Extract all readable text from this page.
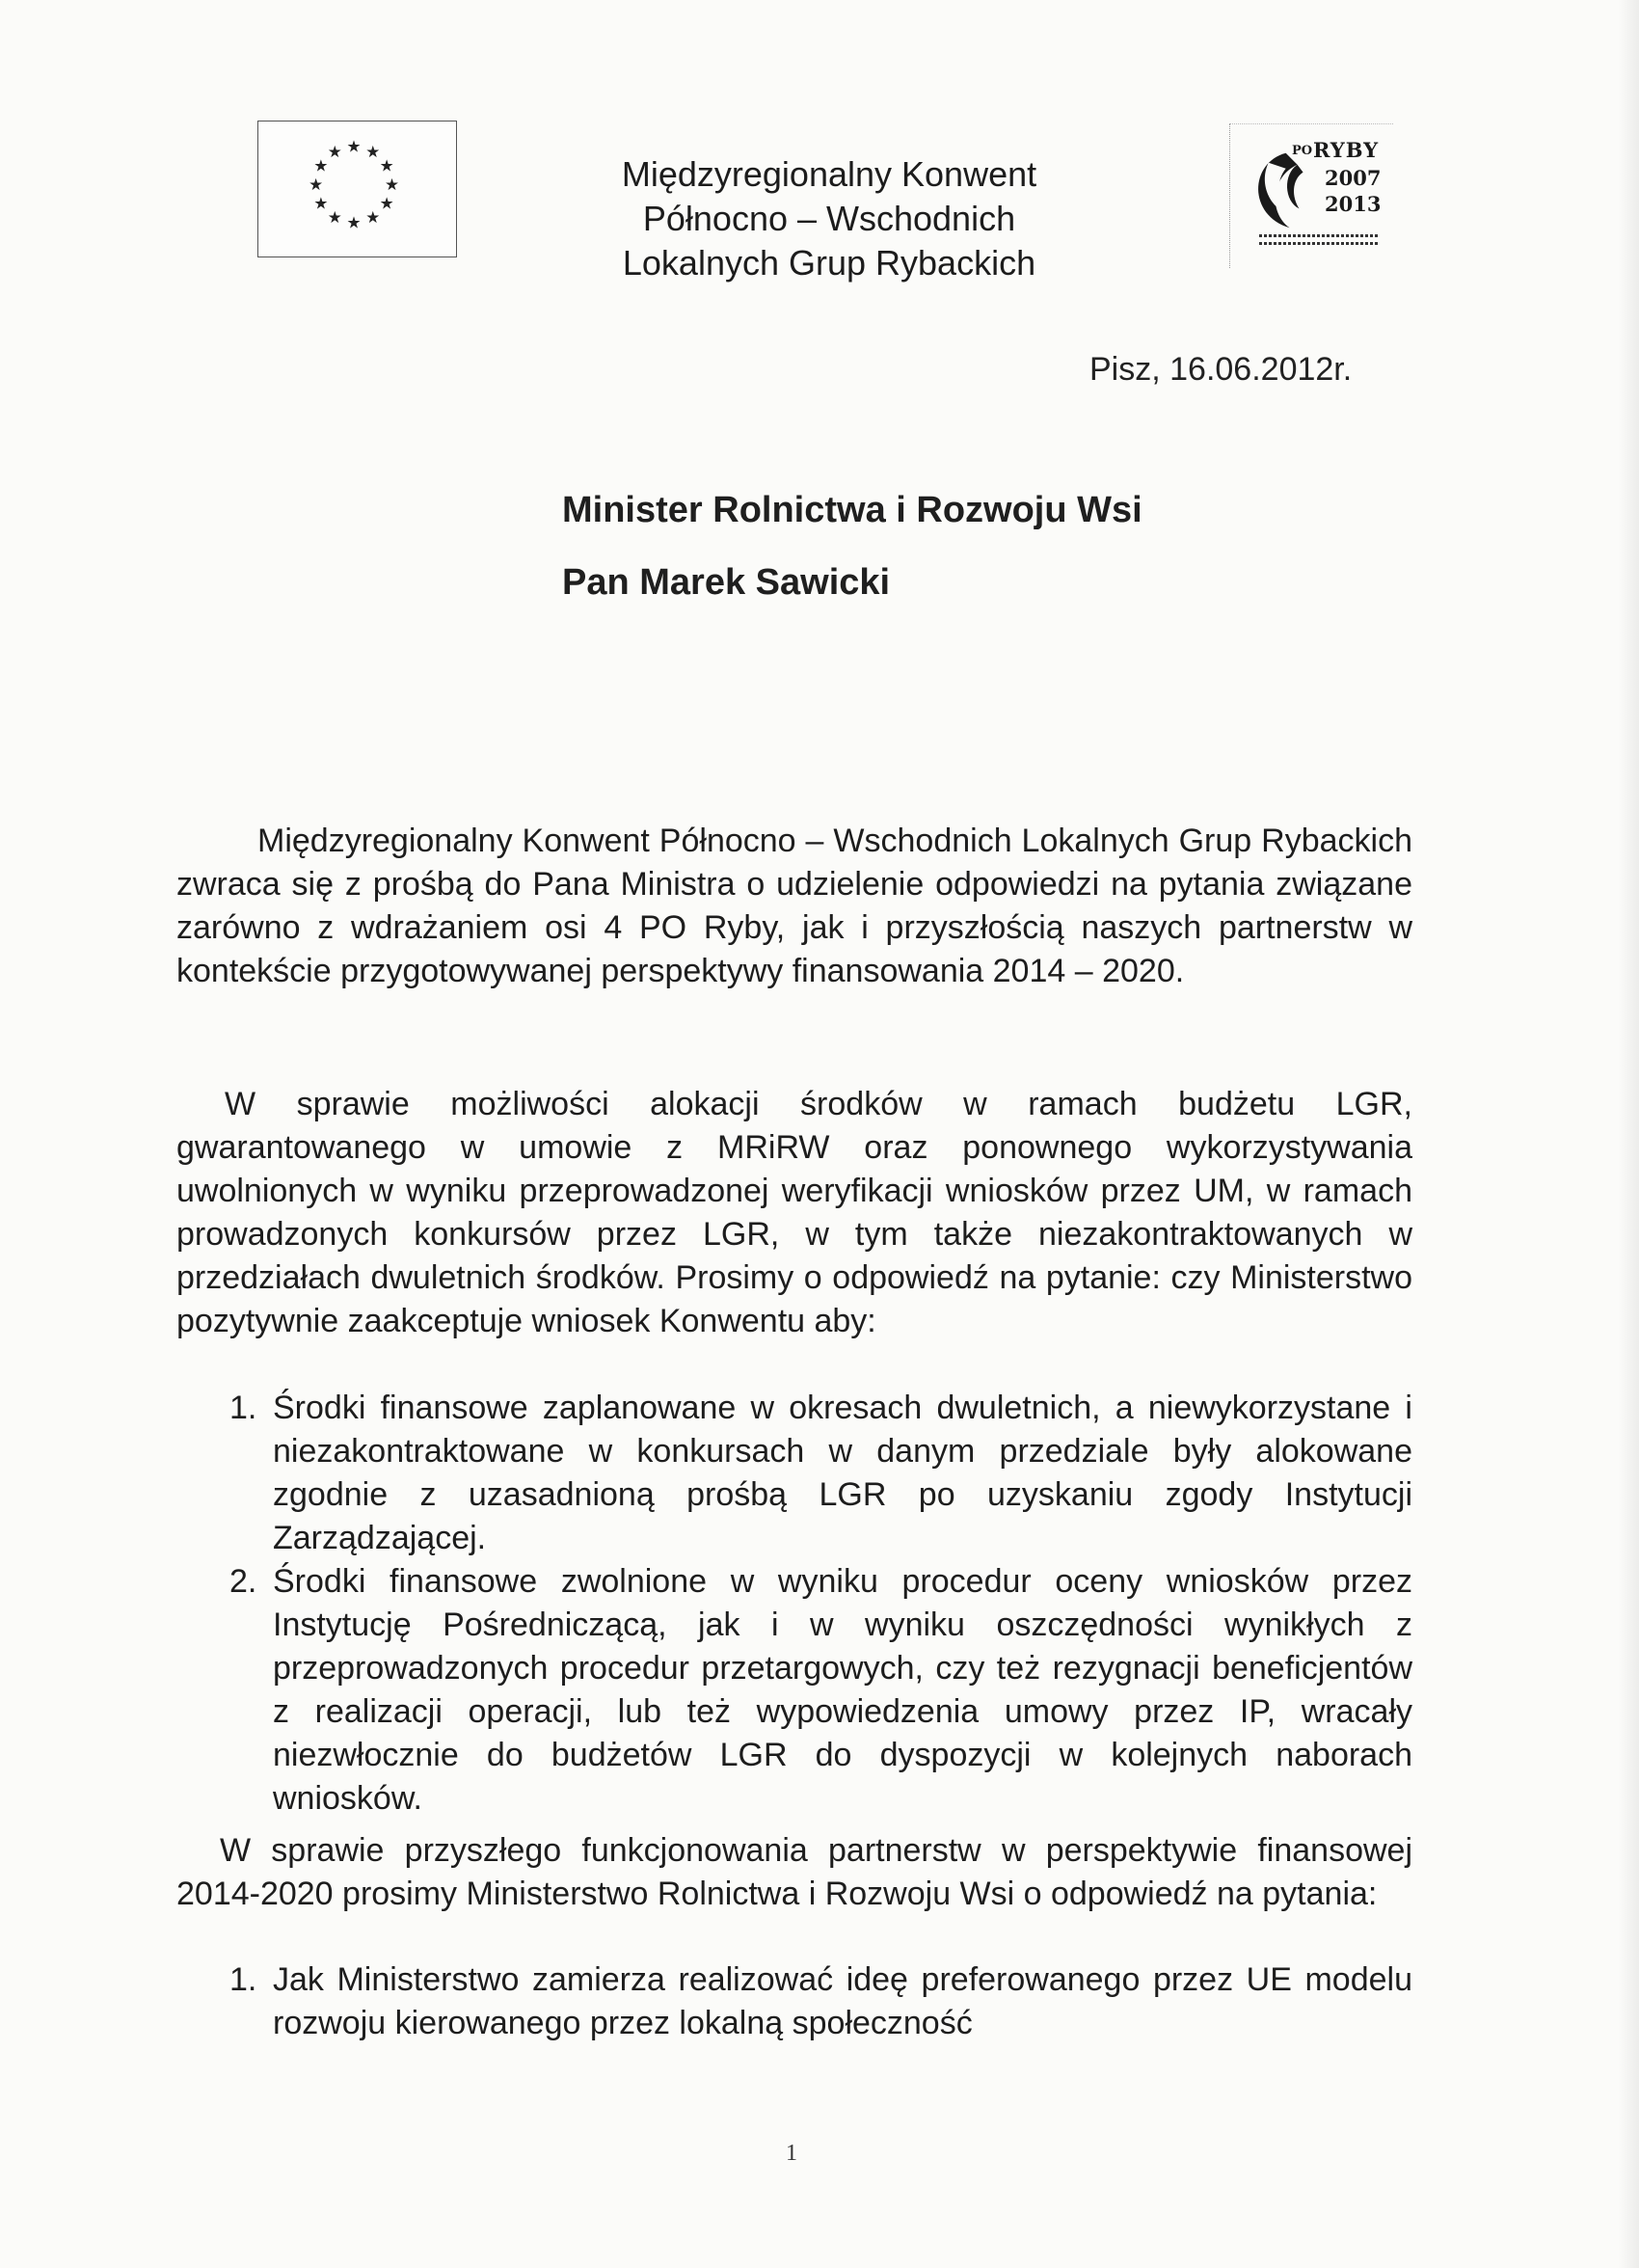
★ ★
★
★
★
★
★
★
★
★
★
★
Międzyregionalny Konwent
Północno – Wschodnich
Lokalnych Grup Rybackich
PO RYBY
2007
2013
Pisz, 16.06.2012r.
Minister Rolnictwa i Rozwoju Wsi
Pan Marek Sawicki
Międzyregionalny Konwent Północno – Wschodnich Lokalnych Grup Rybackich zwraca się z prośbą do Pana Ministra o udzielenie odpowiedzi na pytania związane zarówno z wdrażaniem osi 4 PO Ryby, jak i przyszłością naszych partnerstw w kontekście przygotowywanej perspektywy finansowania 2014 – 2020.
W sprawie możliwości alokacji środków w ramach budżetu LGR, gwarantowanego w umowie z MRiRW oraz ponownego wykorzystywania uwolnionych w wyniku przeprowadzonej weryfikacji wniosków przez UM, w ramach prowadzonych konkursów przez LGR, w tym także niezakontraktowanych w przedziałach dwuletnich środków. Prosimy o odpowiedź na pytanie: czy Ministerstwo pozytywnie zaakceptuje wniosek Konwentu aby:
1. Środki finansowe zaplanowane w okresach dwuletnich, a niewykorzystane i niezakontraktowane w konkursach w danym przedziale były alokowane zgodnie z uzasadnioną prośbą LGR po uzyskaniu zgody Instytucji Zarządzającej.
2. Środki finansowe zwolnione w wyniku procedur oceny wniosków przez Instytucję Pośredniczącą, jak i w wyniku oszczędności wynikłych z przeprowadzonych procedur przetargowych, czy też rezygnacji beneficjentów z realizacji operacji, lub też wypowiedzenia umowy przez IP, wracały niezwłocznie do budżetów LGR do dyspozycji w kolejnych naborach wniosków.
W sprawie przyszłego funkcjonowania partnerstw w perspektywie finansowej 2014-2020 prosimy Ministerstwo Rolnictwa i Rozwoju Wsi o odpowiedź na pytania:
1. Jak Ministerstwo zamierza realizować ideę preferowanego przez UE modelu rozwoju kierowanego przez lokalną społeczność
1
